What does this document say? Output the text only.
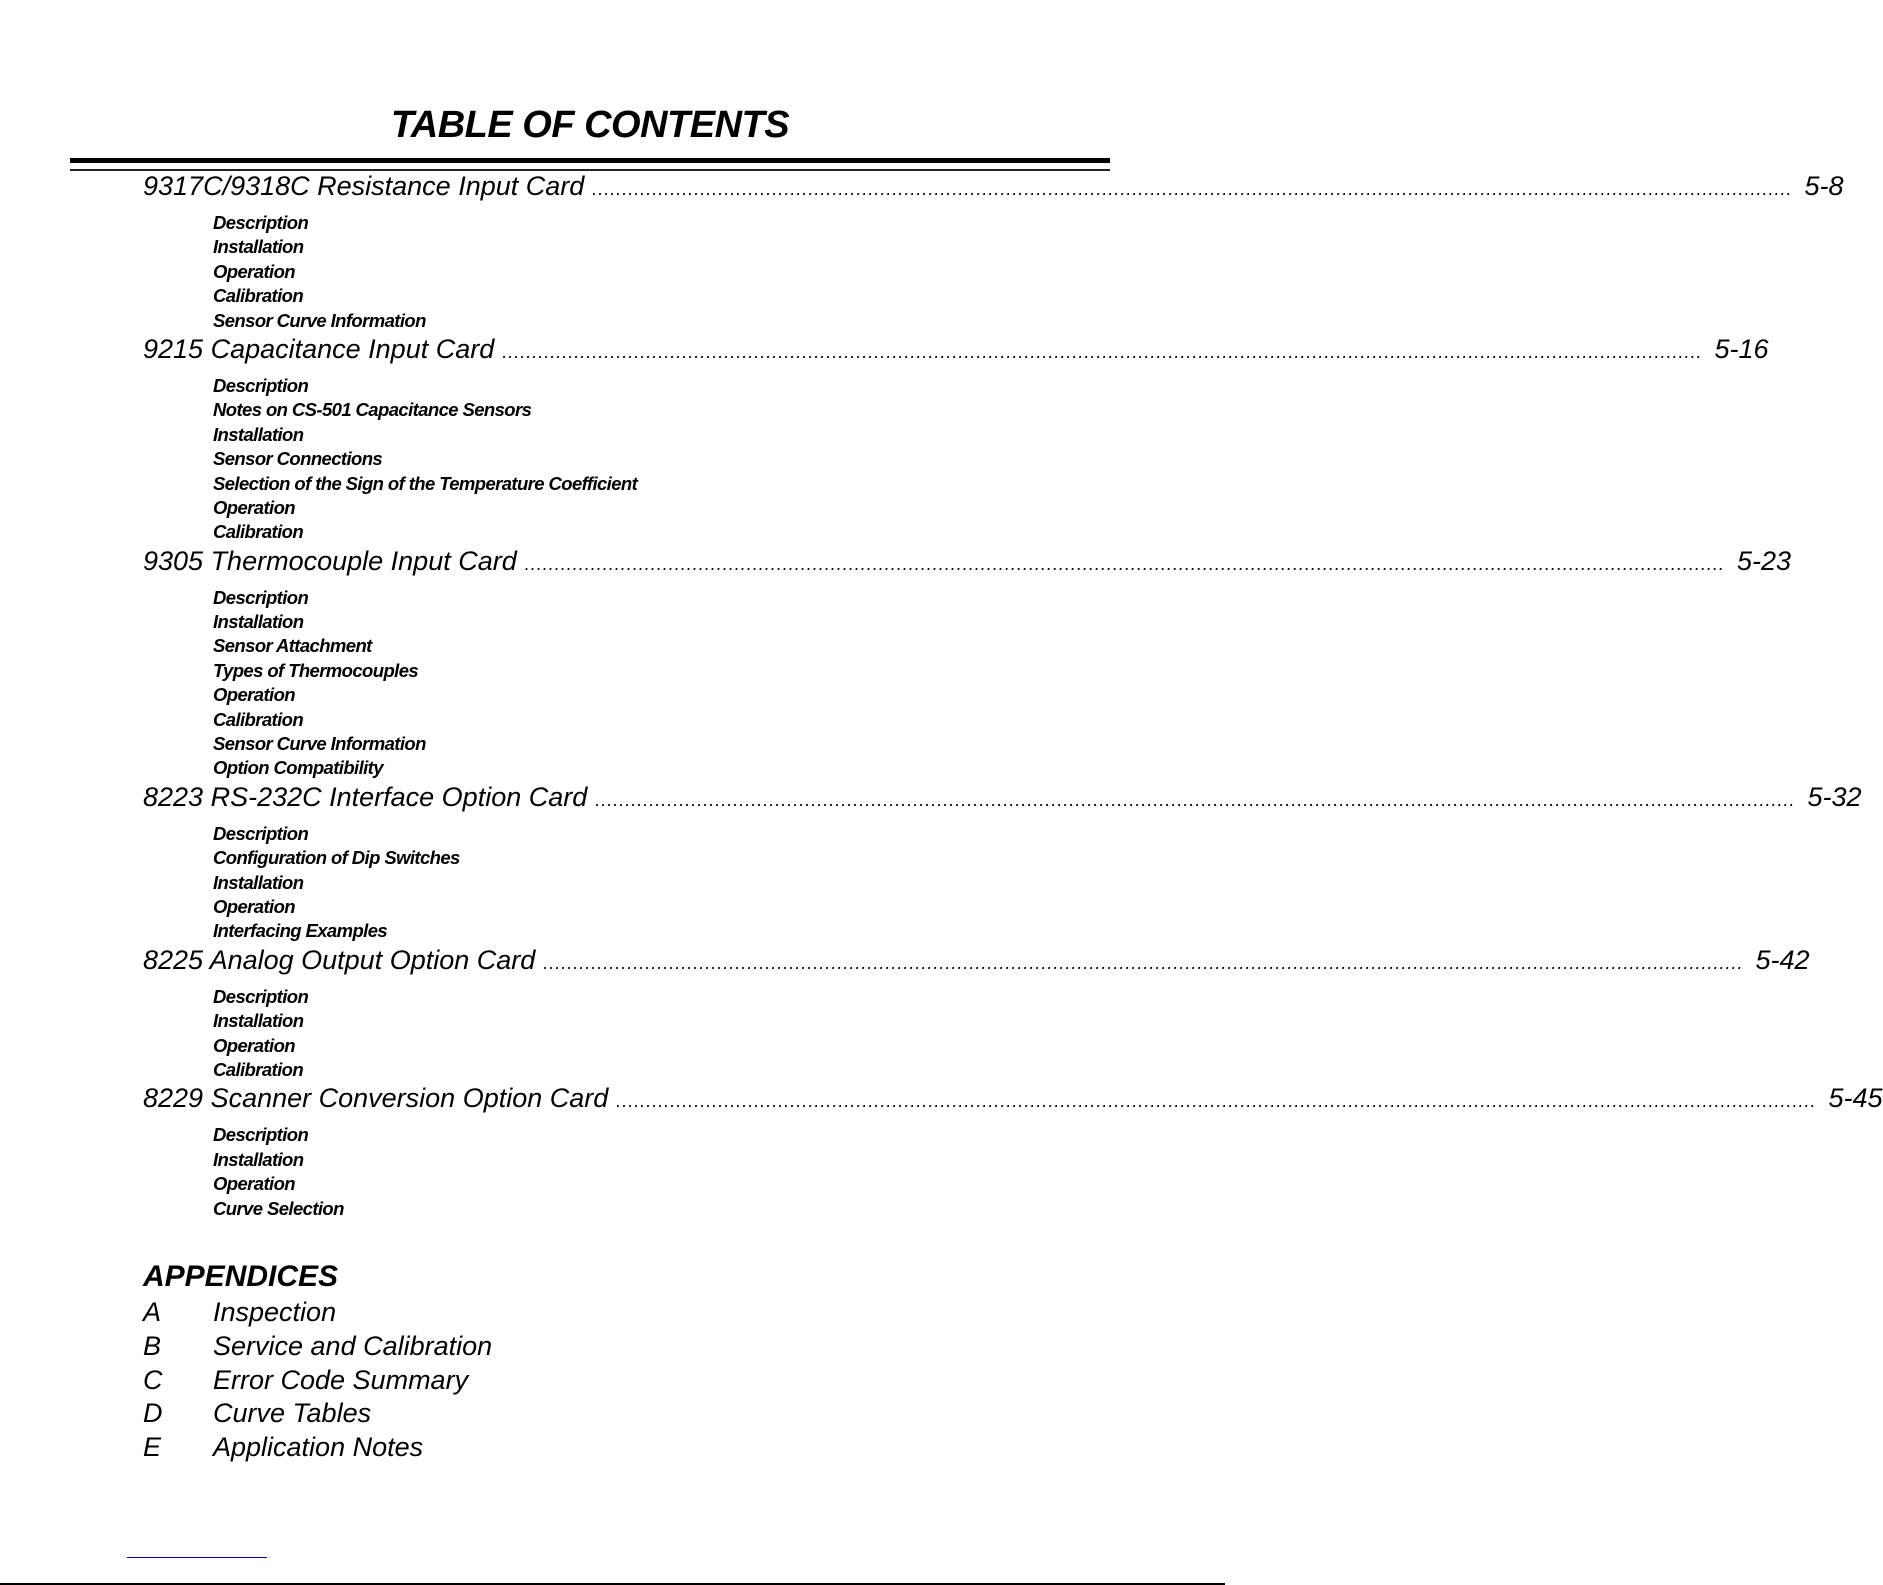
TABLE OF CONTENTS
9317C/9318C Resistance Input Card ........................................................................................................................................................................................................ 5-8
Description
Installation
Operation
Calibration
Sensor Curve Information
9215 Capacitance Input Card ........................................................................................................................................................................................................ 5-16
Description
Notes on CS-501 Capacitance Sensors
Installation
Sensor Connections
Selection of the Sign of the Temperature Coefficient
Operation
Calibration
9305 Thermocouple Input Card ........................................................................................................................................................................................................ 5-23
Description
Installation
Sensor Attachment
Types of Thermocouples
Operation
Calibration
Sensor Curve Information
Option Compatibility
8223 RS-232C Interface Option Card ........................................................................................................................................................................................................ 5-32
Description
Configuration of Dip Switches
Installation
Operation
Interfacing Examples
8225 Analog Output Option Card ........................................................................................................................................................................................................ 5-42
Description
Installation
Operation
Calibration
8229 Scanner Conversion Option Card ........................................................................................................................................................................................................ 5-45
Description
Installation
Operation
Curve Selection
APPENDICES
A	Inspection
B	Service and Calibration
C	Error Code Summary
D	Curve Tables
E	Application Notes
